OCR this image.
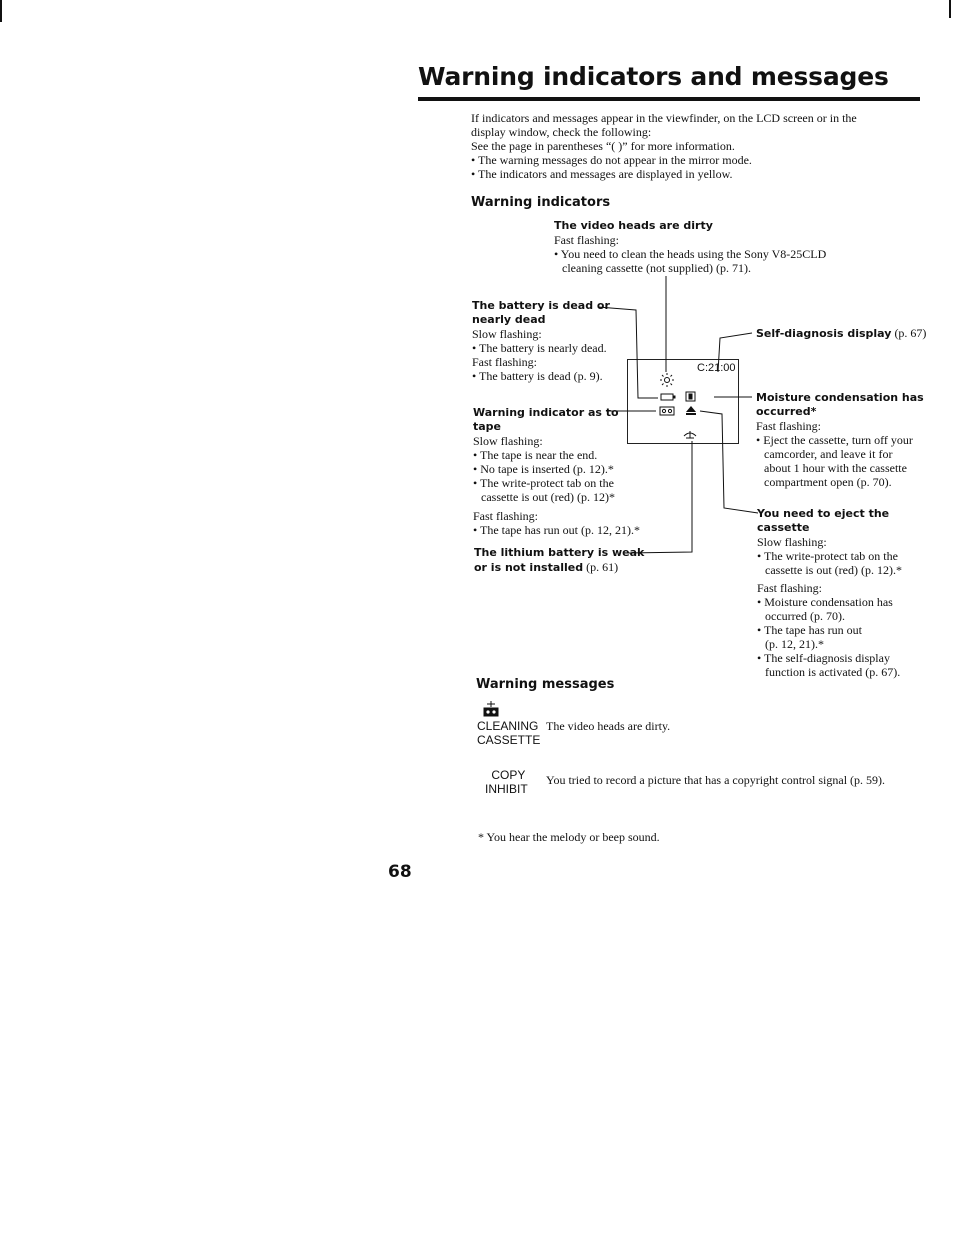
Warning indicators and messages
If indicators and messages appear in the viewfinder, on the LCD screen or in the
display window, check the following:
See the page in parentheses “( )” for more information.
• The warning messages do not appear in the mirror mode.
• The indicators and messages are displayed in yellow.
Warning indicators
The video heads are dirty
Fast flashing:
• You need to clean the heads using the Sony V8-25CLD
cleaning cassette (not supplied) (p. 71).
The battery is dead or
nearly dead
Slow flashing:
• The battery is nearly dead.
Fast flashing:
• The battery is dead (p. 9).
Warning indicator as to
tape
Slow flashing:
• The tape is near the end.
• No tape is inserted (p. 12).*
• The write-protect tab on the
cassette is out (red) (p. 12)*
Fast flashing:
• The tape has run out (p. 12, 21).*
The lithium battery is weak
or is not installed (p. 61)
Self-diagnosis display (p. 67)
Moisture condensation has
occurred*
Fast flashing:
• Eject the cassette, turn off your
camcorder, and leave it for
about 1 hour with the cassette
compartment open (p. 70).
You need to eject the
cassette
Slow flashing:
• The write-protect tab on the
cassette is out (red) (p. 12).*
Fast flashing:
• Moisture condensation has
occurred (p. 70).
• The tape has run out
(p. 12, 21).*
• The self-diagnosis display
function is activated (p. 67).
C:21:00
Warning messages
CLEANING
CASSETTE
The video heads are dirty.
COPY
INHIBIT
You tried to record a picture that has a copyright control signal (p. 59).
* You hear the melody or beep sound.
68
